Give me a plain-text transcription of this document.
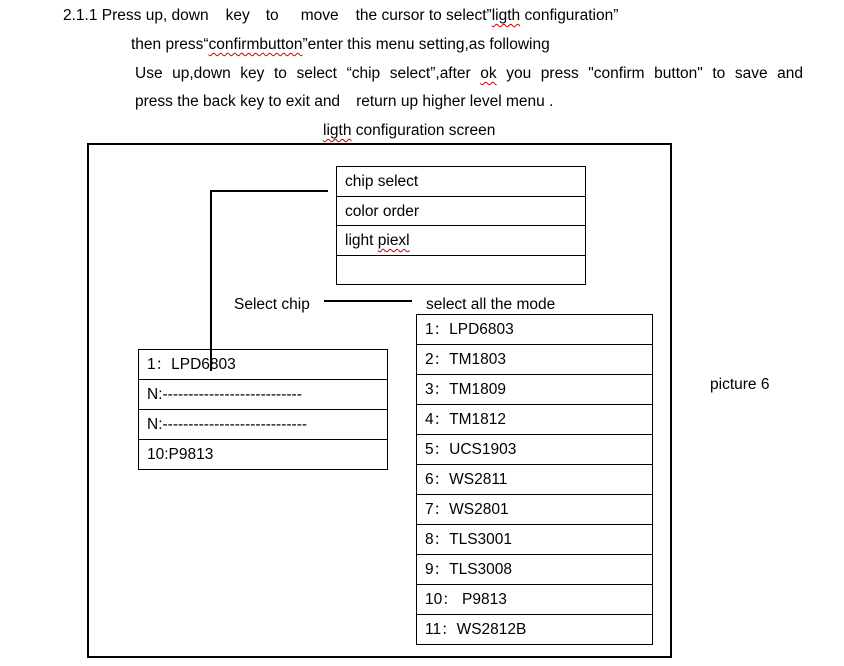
2.1.1 Press up, down key to move the cursor to select”ligth configuration”
then press“confirmbutton”enter this menu setting,as following
Use up,down key to select “chip select”,after ok you press "confirm button" to save and
press the back key to exit and return up higher level menu .
ligth configuration screen
chip select
color order
light piexl
Select chip	select all the mode
picture 6
1：LPD6803
N:---------------------------
N:----------------------------
10:P9813
1：LPD6803
2：TM1803
3：TM1809
4：TM1812
5：UCS1903
6：WS2811
7：WS2801
8：TLS3001
9：TLS3008
10： P9813
11：WS2812B
